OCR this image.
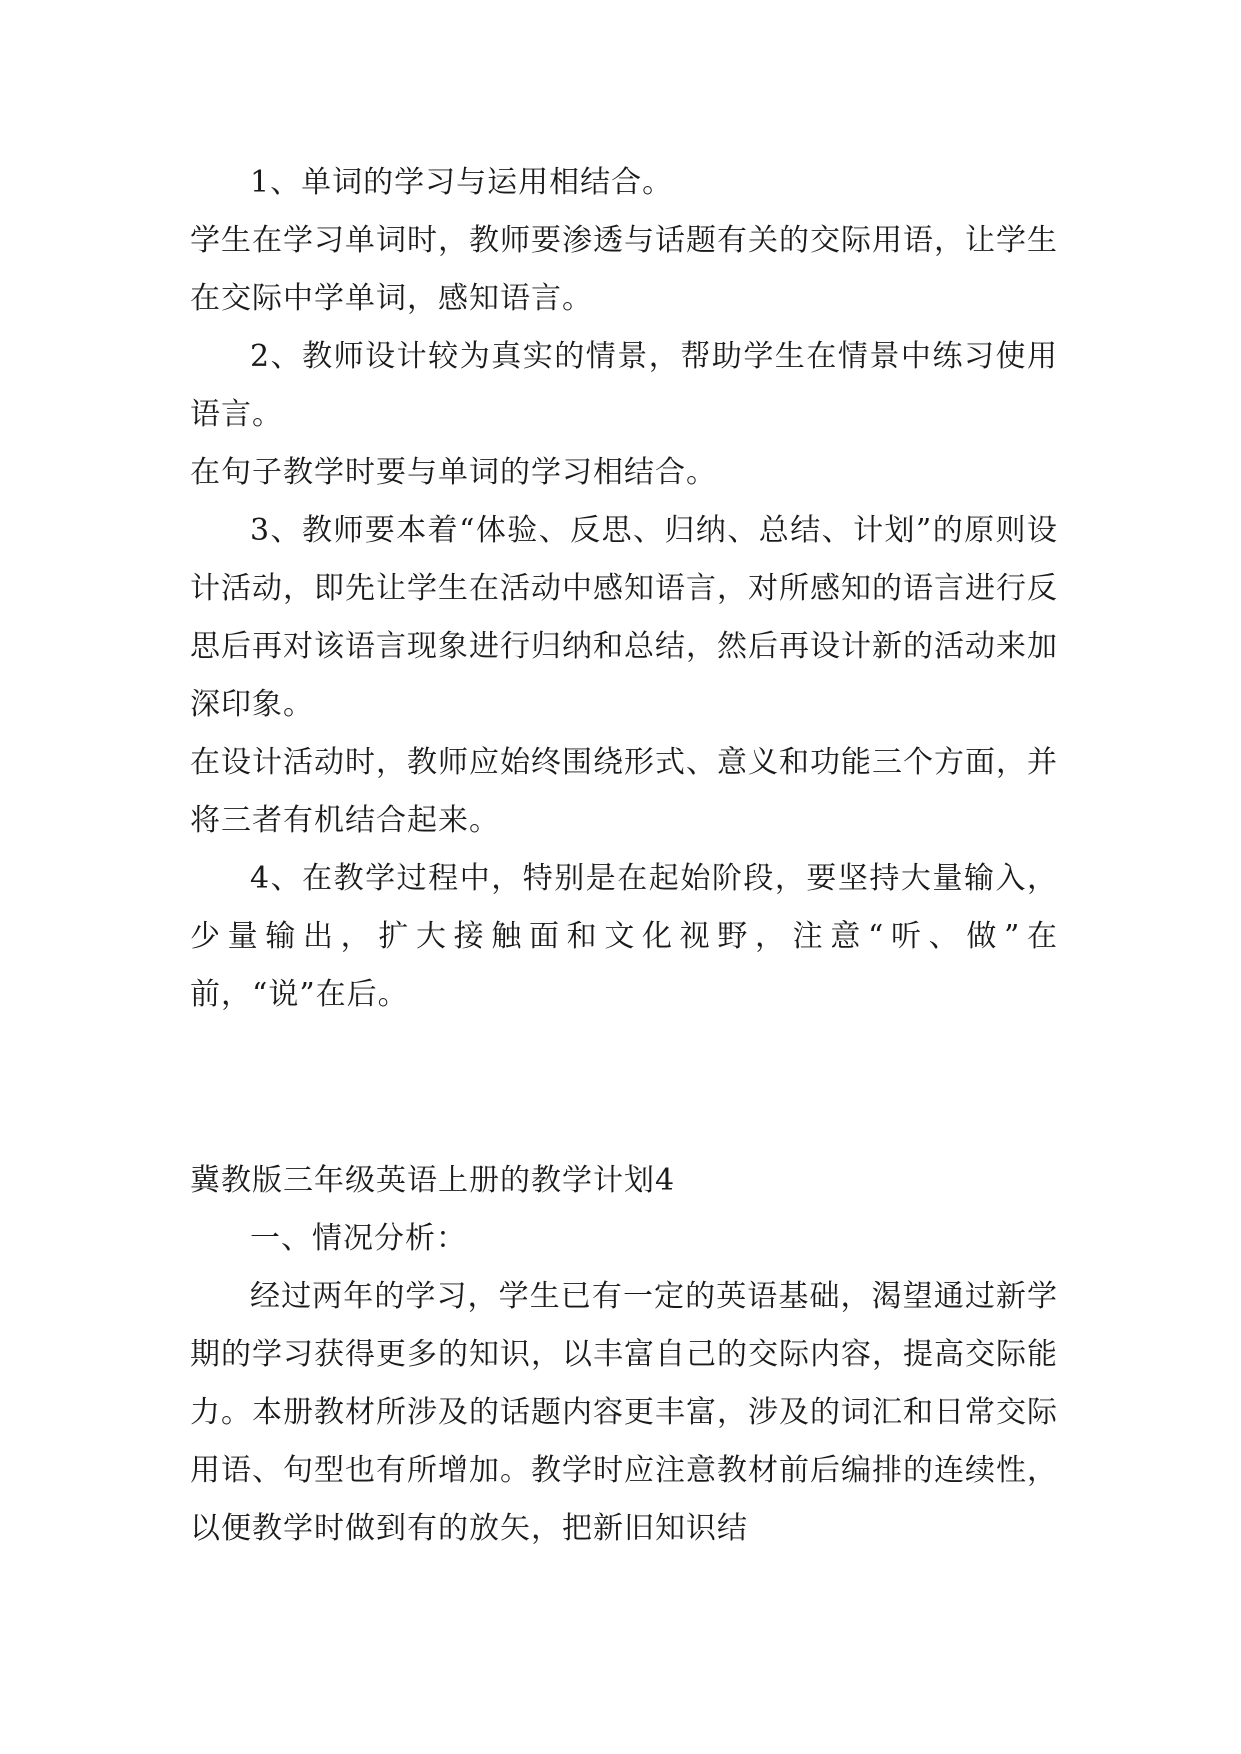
1、单词的学习与运用相结合。

学生在学习单词时，教师要渗透与话题有关的交际用语，让学生在交际中学单词，感知语言。

2、教师设计较为真实的情景，帮助学生在情景中练习使用语言。

在句子教学时要与单词的学习相结合。

3、教师要本着“体验、反思、归纳、总结、计划”的原则设计活动，即先让学生在活动中感知语言，对所感知的语言进行反思后再对该语言现象进行归纳和总结，然后再设计新的活动来加深印象。

在设计活动时，教师应始终围绕形式、意义和功能三个方面，并将三者有机结合起来。

4、在教学过程中，特别是在起始阶段，要坚持大量输入，少量输出，扩大接触面和文化视野，注意“听、做”在前，“说”在后。

冀教版三年级英语上册的教学计划4

一、情况分析：

经过两年的学习，学生已有一定的英语基础，渴望通过新学期的学习获得更多的知识，以丰富自己的交际内容，提高交际能力。本册教材所涉及的话题内容更丰富，涉及的词汇和日常交际用语、句型也有所增加。教学时应注意教材前后编排的连续性，以便教学时做到有的放矢，把新旧知识结
